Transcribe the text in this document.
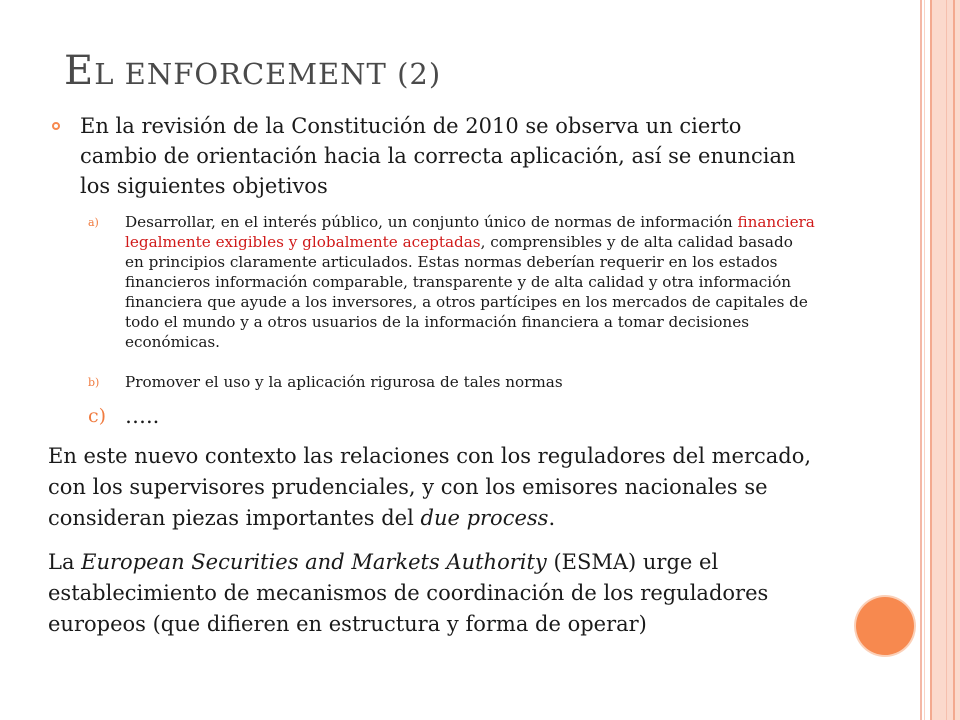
EL ENFORCEMENT (2)
En la revisión de la Constitución de 2010 se observa un cierto cambio de orientación hacia la correcta aplicación, así se enuncian los siguientes objetivos
a) Desarrollar, en el interés público, un conjunto único de normas de información financiera legalmente exigibles y globalmente aceptadas, comprensibles y de alta calidad basado en principios claramente articulados. Estas normas deberían requerir en los estados financieros información comparable, transparente y de alta calidad y otra información financiera que ayude a los inversores, a otros partícipes en los mercados de capitales de todo el mundo y a otros usuarios de la información financiera a tomar decisiones económicas.
b) Promover el uso y la aplicación rigurosa de tales normas
c) …..
En este nuevo contexto las relaciones con los reguladores del mercado, con los supervisores prudenciales, y con los emisores nacionales se consideran piezas importantes del due process.
La European Securities and Markets Authority (ESMA) urge el establecimiento de mecanismos de coordinación de los reguladores europeos (que difieren en estructura y forma de operar)
